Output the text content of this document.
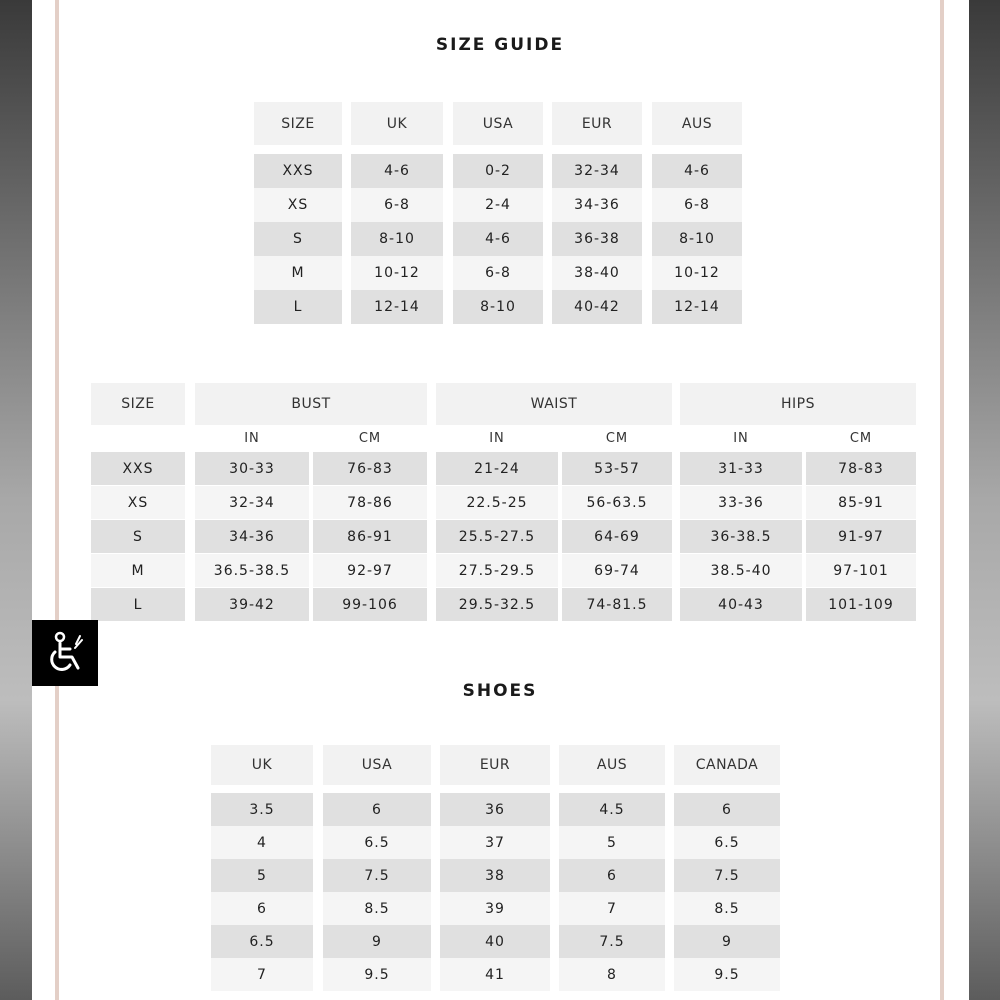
SIZE GUIDE
SHOES
SIZE	UK	USA	EUR	AUS
XXS	4-6	0-2	32-34	4-6
XS	6-8	2-4	34-36	6-8
S	8-10	4-6	36-38	8-10
M	10-12	6-8	38-40	10-12
L	12-14	8-10	40-42	12-14
SIZE	BUST	WAIST	HIPS
IN	CM	IN	CM	IN	CM
XXS	30-33	76-83	21-24	53-57	31-33	78-83
XS	32-34	78-86	22.5-25	56-63.5	33-36	85-91
S	34-36	86-91	25.5-27.5	64-69	36-38.5	91-97
M	36.5-38.5	92-97	27.5-29.5	69-74	38.5-40	97-101
L	39-42	99-106	29.5-32.5	74-81.5	40-43	101-109
UK	USA	EUR	AUS	CANADA
3.5	6	36	4.5	6
4	6.5	37	5	6.5
5	7.5	38	6	7.5
6	8.5	39	7	8.5
6.5	9	40	7.5	9
7	9.5	41	8	9.5
